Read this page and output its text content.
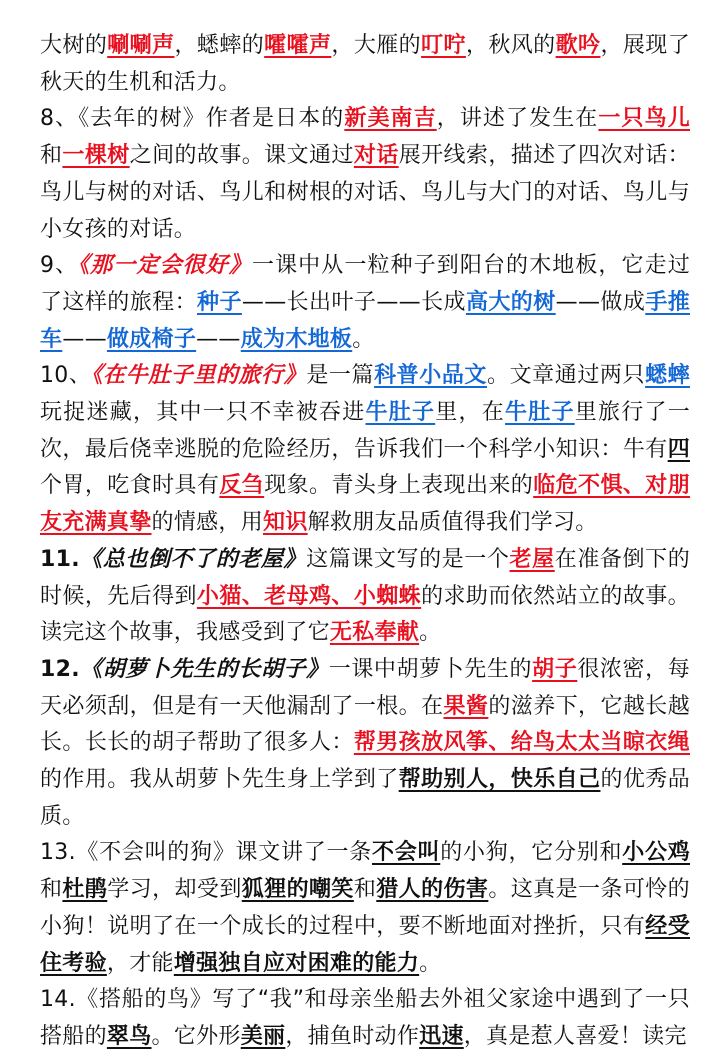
大树的唰唰声，蟋蟀的嚯嚯声，大雁的叮咛，秋风的歌吟，展现了秋天的生机和活力。

8、《去年的树》作者是日本的新美南吉，讲述了发生在一只鸟儿和一棵树之间的故事。课文通过对话展开线索，描述了四次对话：鸟儿与树的对话、鸟儿和树根的对话、鸟儿与大门的对话、鸟儿与小女孩的对话。

9、《那一定会很好》一课中从一粒种子到阳台的木地板，它走过了这样的旅程：种子——长出叶子——长成高大的树——做成手推车——做成椅子——成为木地板。

10、《在牛肚子里的旅行》是一篇科普小品文。文章通过两只蟋蟀玩捉迷藏，其中一只不幸被吞进牛肚子里，在牛肚子里旅行了一次，最后侥幸逃脱的危险经历，告诉我们一个科学小知识：牛有四个胃，吃食时具有反刍现象。青头身上表现出来的临危不惧、对朋友充满真挚的情感，用知识解救朋友品质值得我们学习。

11.《总也倒不了的老屋》这篇课文写的是一个老屋在准备倒下的时候，先后得到小猫、老母鸡、小蜘蛛的求助而依然站立的故事。读完这个故事，我感受到了它无私奉献。

12.《胡萝卜先生的长胡子》一课中胡萝卜先生的胡子很浓密，每天必须刮，但是有一天他漏刮了一根。在果酱的滋养下，它越长越长。长长的胡子帮助了很多人：帮男孩放风筝、给鸟太太当晾衣绳的作用。我从胡萝卜先生身上学到了帮助别人，快乐自己的优秀品质。

13.《不会叫的狗》课文讲了一条不会叫的小狗，它分别和小公鸡和杜鹃学习，却受到狐狸的嘲笑和猎人的伤害。这真是一条可怜的小狗！说明了在一个成长的过程中，要不断地面对挫折，只有经受住考验，才能增强独自应对困难的能力。

14.《搭船的鸟》写了“我”和母亲坐船去外祖父家途中遇到了一只搭船的翠鸟。它外形美丽，捕鱼时动作迅速，真是惹人喜爱！读完
